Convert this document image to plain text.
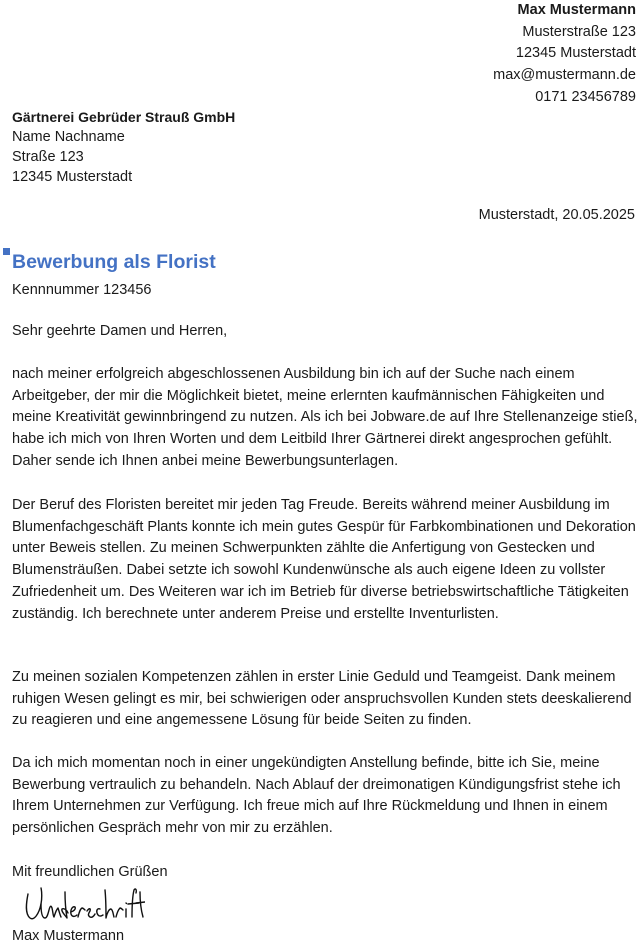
Max Mustermann
Musterstraße 123
12345 Musterstadt
max@mustermann.de
0171 23456789
Gärtnerei Gebrüder Strauß GmbH
Name Nachname
Straße 123
12345 Musterstadt
Musterstadt, 20.05.2025
Bewerbung als Florist
Kennnummer 123456
Sehr geehrte Damen und Herren,

nach meiner erfolgreich abgeschlossenen Ausbildung bin ich auf der Suche nach einem Arbeitgeber, der mir die Möglichkeit bietet, meine erlernten kaufmännischen Fähigkeiten und meine Kreativität gewinnbringend zu nutzen. Als ich bei Jobware.de auf Ihre Stellenanzeige stieß, habe ich mich von Ihren Worten und dem Leitbild Ihrer Gärtnerei direkt angesprochen gefühlt. Daher sende ich Ihnen anbei meine Bewerbungsunterlagen.

Der Beruf des Floristen bereitet mir jeden Tag Freude. Bereits während meiner Ausbildung im Blumenfachgeschäft Plants konnte ich mein gutes Gespür für Farbkombinationen und Dekoration unter Beweis stellen. Zu meinen Schwerpunkten zählte die Anfertigung von Gestecken und Blumensträußen. Dabei setzte ich sowohl Kundenwünsche als auch eigene Ideen zu vollster Zufriedenheit um. Des Weiteren war ich im Betrieb für diverse betriebswirtschaftliche Tätigkeiten zuständig. Ich berechnete unter anderem Preise und erstellte Inventurlisten.

Zu meinen sozialen Kompetenzen zählen in erster Linie Geduld und Teamgeist. Dank meinem ruhigen Wesen gelingt es mir, bei schwierigen oder anspruchsvollen Kunden stets deeskalierend zu reagieren und eine angemessene Lösung für beide Seiten zu finden.

Da ich mich momentan noch in einer ungekündigten Anstellung befinde, bitte ich Sie, meine Bewerbung vertraulich zu behandeln. Nach Ablauf der dreimonatigen Kündigungsfrist stehe ich Ihrem Unternehmen zur Verfügung. Ich freue mich auf Ihre Rückmeldung und Ihnen in einem persönlichen Gespräch mehr von mir zu erzählen.

Mit freundlichen Grüßen
Max Mustermann
